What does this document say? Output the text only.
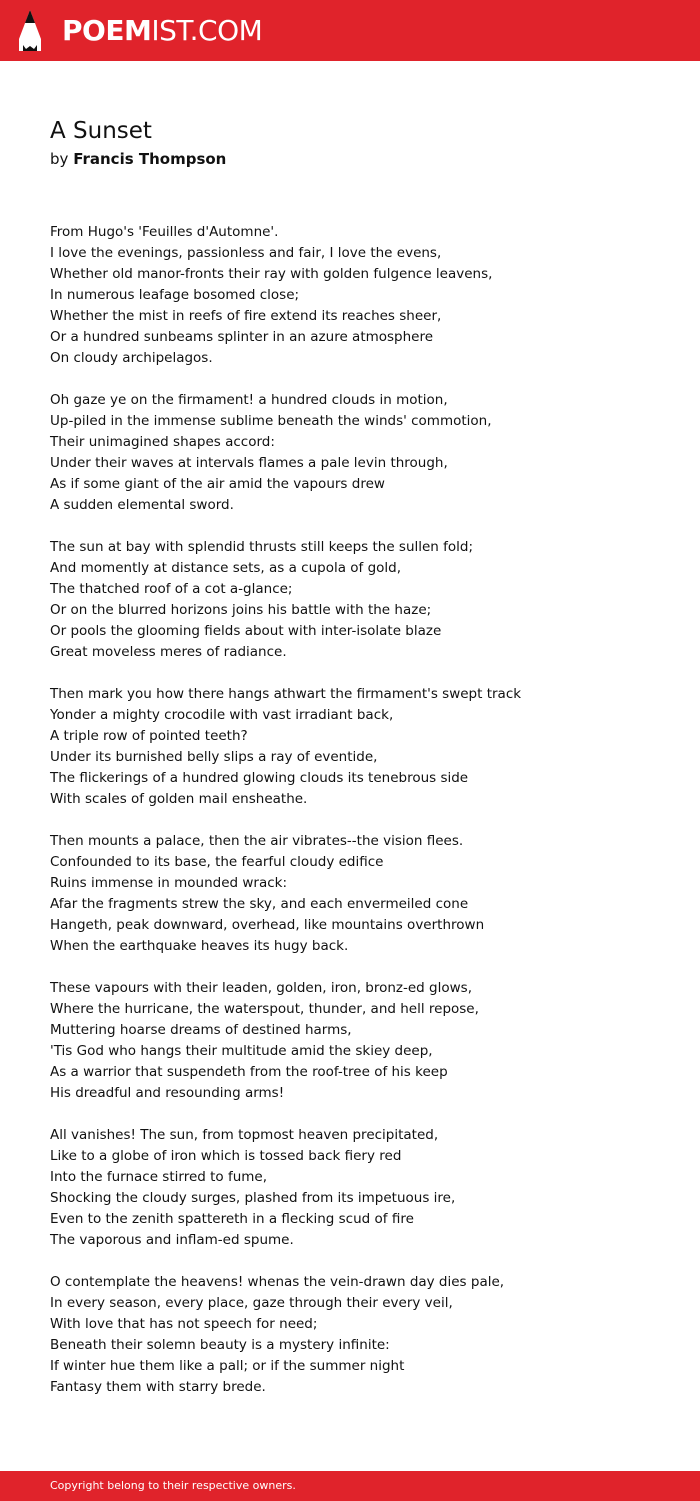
POEMIST.COM
A Sunset

by Francis Thompson

From Hugo's 'Feuilles d'Automne'.
I love the evenings, passionless and fair, I love the evens,
Whether old manor-fronts their ray with golden fulgence leavens,
In numerous leafage bosomed close;
Whether the mist in reefs of fire extend its reaches sheer,
Or a hundred sunbeams splinter in an azure atmosphere
On cloudy archipelagos.
Oh gaze ye on the firmament! a hundred clouds in motion,
Up-piled in the immense sublime beneath the winds' commotion,
Their unimagined shapes accord:
Under their waves at intervals flames a pale levin through,
As if some giant of the air amid the vapours drew
A sudden elemental sword.
The sun at bay with splendid thrusts still keeps the sullen fold;
And momently at distance sets, as a cupola of gold,
The thatched roof of a cot a-glance;
Or on the blurred horizons joins his battle with the haze;
Or pools the glooming fields about with inter-isolate blaze
Great moveless meres of radiance.
Then mark you how there hangs athwart the firmament's swept track
Yonder a mighty crocodile with vast irradiant back,
A triple row of pointed teeth?
Under its burnished belly slips a ray of eventide,
The flickerings of a hundred glowing clouds its tenebrous side
With scales of golden mail ensheathe.
Then mounts a palace, then the air vibrates--the vision flees.
Confounded to its base, the fearful cloudy edifice
Ruins immense in mounded wrack:
Afar the fragments strew the sky, and each envermeiled cone
Hangeth, peak downward, overhead, like mountains overthrown
When the earthquake heaves its hugy back.
These vapours with their leaden, golden, iron, bronz-ed glows,
Where the hurricane, the waterspout, thunder, and hell repose,
Muttering hoarse dreams of destined harms,
'Tis God who hangs their multitude amid the skiey deep,
As a warrior that suspendeth from the roof-tree of his keep
His dreadful and resounding arms!
All vanishes! The sun, from topmost heaven precipitated,
Like to a globe of iron which is tossed back fiery red
Into the furnace stirred to fume,
Shocking the cloudy surges, plashed from its impetuous ire,
Even to the zenith spattereth in a flecking scud of fire
The vaporous and inflam-ed spume.
O contemplate the heavens! whenas the vein-drawn day dies pale,
In every season, every place, gaze through their every veil,
With love that has not speech for need;
Beneath their solemn beauty is a mystery infinite:
If winter hue them like a pall; or if the summer night
Fantasy them with starry brede.
Copyright belong to their respective owners.
